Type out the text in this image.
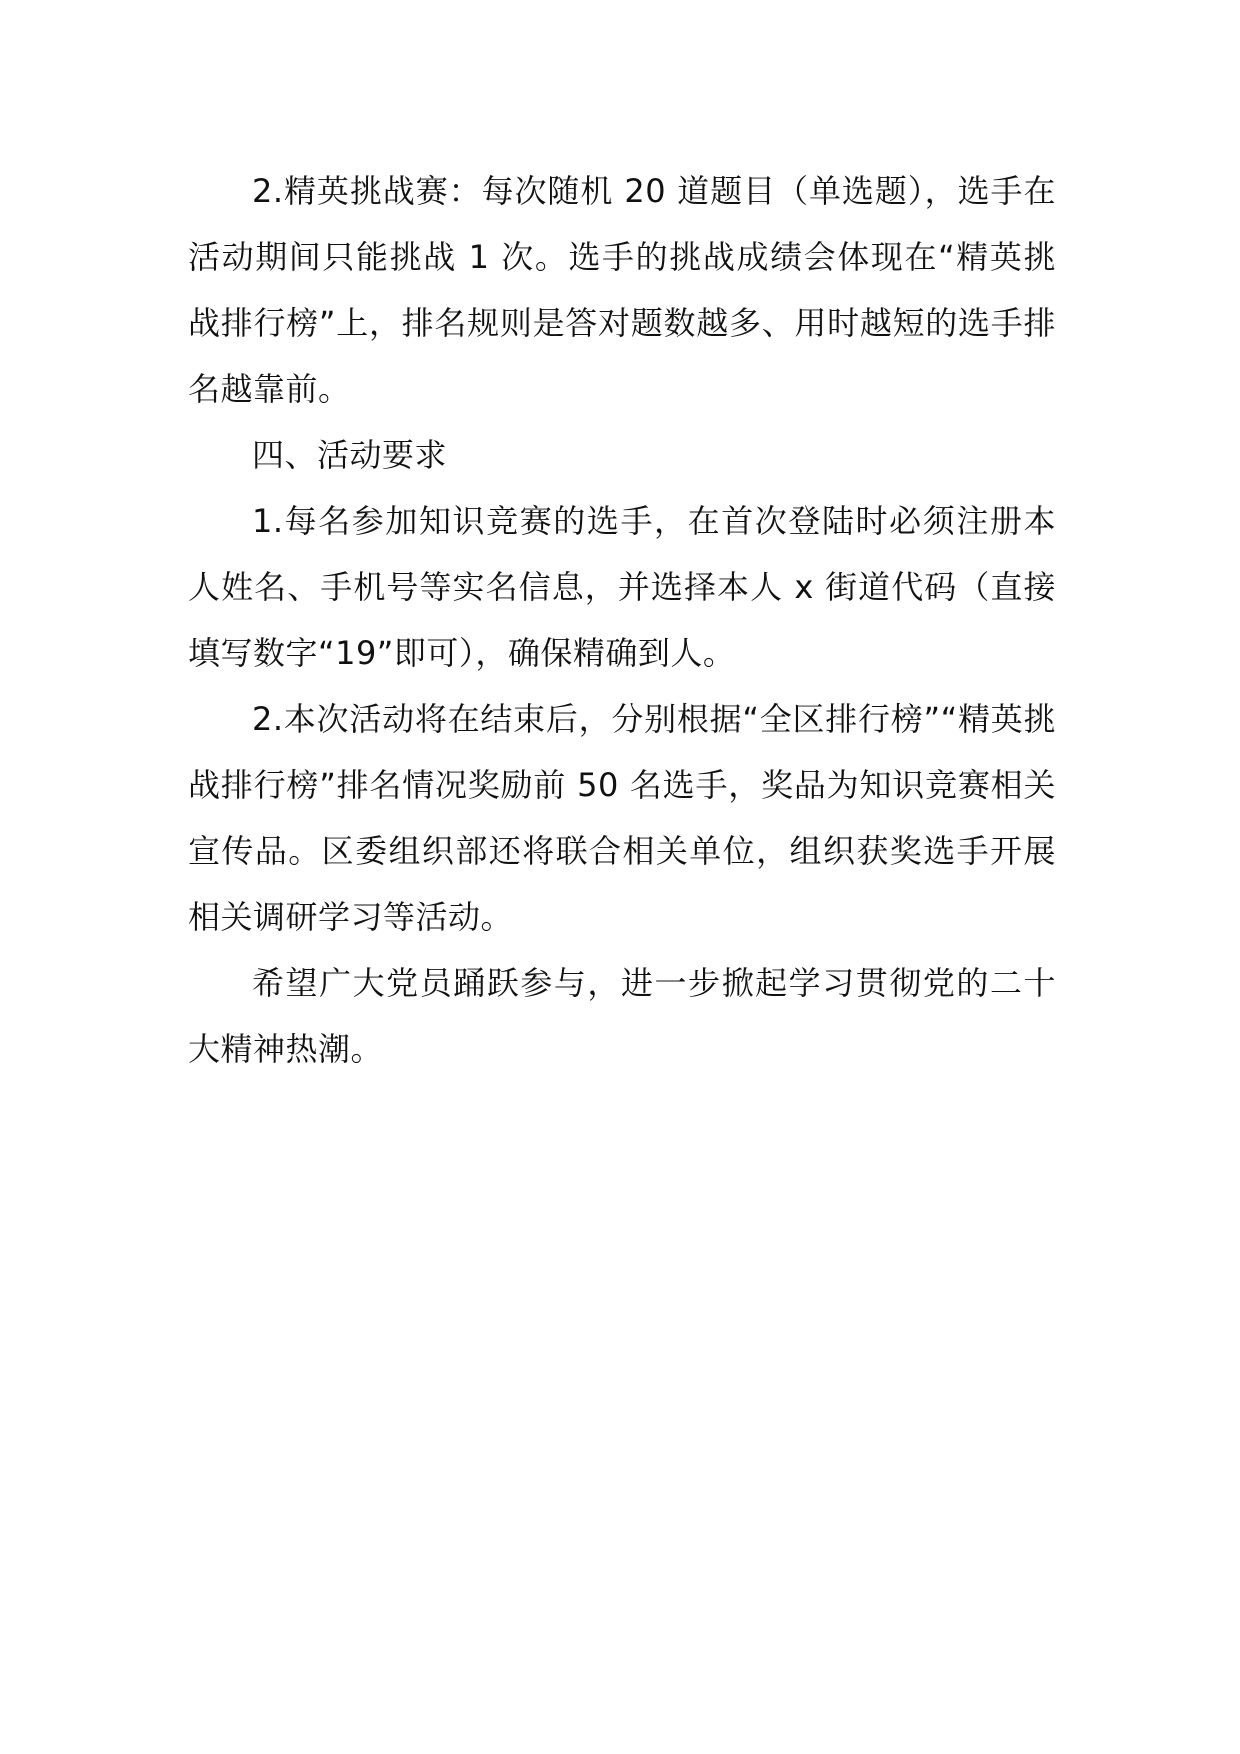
2.精英挑战赛：每次随机 20 道题目（单选题），选手在活动期间只能挑战 1 次。选手的挑战成绩会体现在“精英挑战排行榜”上，排名规则是答对题数越多、用时越短的选手排名越靠前。

四、活动要求

1.每名参加知识竞赛的选手，在首次登陆时必须注册本人姓名、手机号等实名信息，并选择本人 x 街道代码（直接填写数字“19”即可），确保精确到人。

2.本次活动将在结束后，分别根据“全区排行榜”“精英挑战排行榜”排名情况奖励前 50 名选手，奖品为知识竞赛相关宣传品。区委组织部还将联合相关单位，组织获奖选手开展相关调研学习等活动。

希望广大党员踊跃参与，进一步掀起学习贯彻党的二十大精神热潮。
